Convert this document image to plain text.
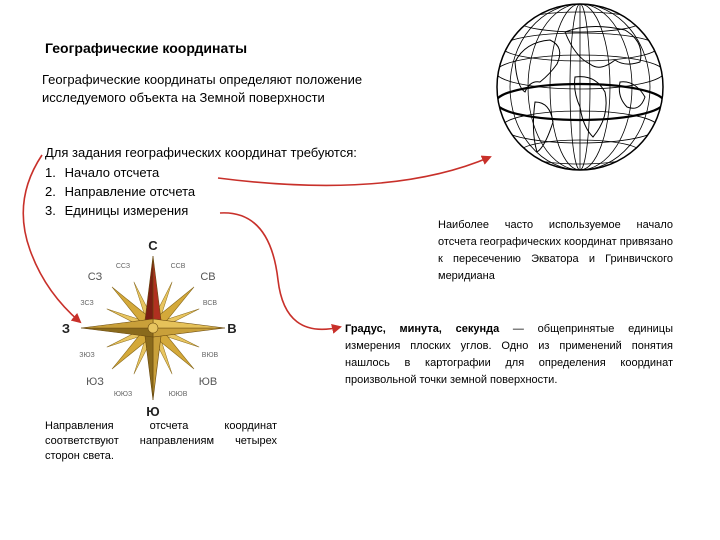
Географические координаты
Географические координаты определяют положение исследуемого объекта на Земной поверхности
Для задания географических координат требуются:
1. Начало отсчета
2. Направление отсчета
3. Единицы измерения
Наиболее часто используемое начало отсчета географических координат привязано к пересечению Экватора и Гринвичского меридиана
Градус, минута, секунда — общепринятые единицы измерения плоских углов. Одно из применений понятия нашлось в картографии для определения координат произвольной точки земной поверхности.
Направления отсчета координат соответствуют направлениям четырех сторон света.
С
Ю
З	В
СЗ	СВ
ЮЗ	ЮВ
ССЗ	ССВ
ЗСЗ	ВСВ
ЗЮЗ	ВЮВ
ЮЮЗ	ЮЮВ
